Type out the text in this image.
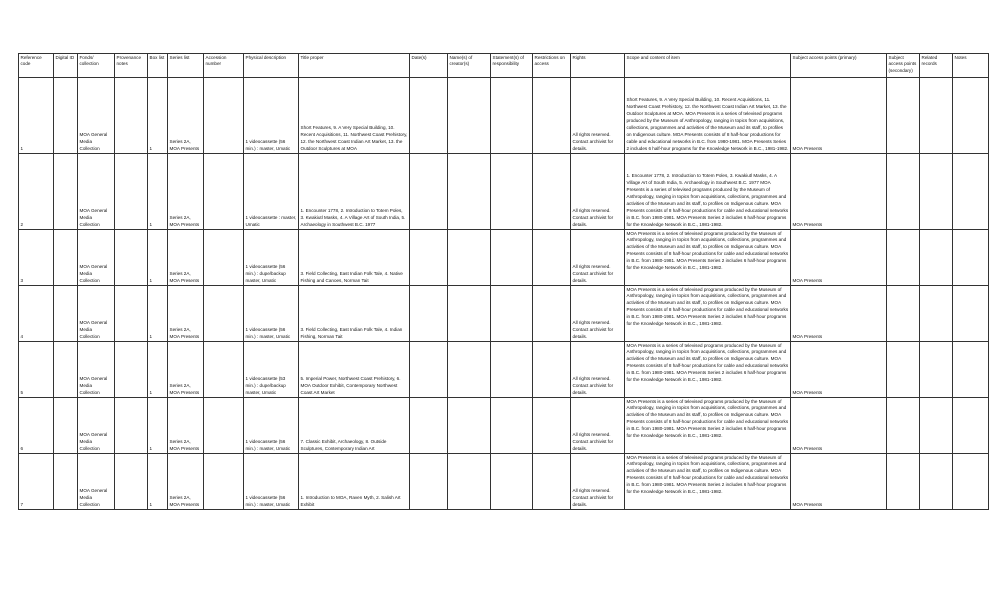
Reference code	Digital ID	Fonds/ collection	Provenance notes	Box list	Series list	Accession number	Physical description	Title proper	Date(s)	Name(s) of creator(s)	Statement(s) of responsibility	Restrictions on access	Rights	Scope and content of item	Subject access points (primary)	Subject access points (secondary)	Related records	Notes
1		MOA General Media Collection		1	Series 2A, MOA Presents		1 videocassette (56 min.) : master, Umatic	Short Features, 9. A Very Special Building, 10. Recent Acquisitions, 11. Northwest Coast Prehistory, 12. the Northwest Coast Indian Art Market, 13. the Outdoor Sculptures at MOA					All rights reserved. Contact archivist for details.	Short Features, 9. A Very Special Building, 10. Recent Acquisitions, 11. Northwest Coast Prehistory, 12. the Northwest Coast Indian Art Market, 13. the Outdoor Sculptures at MOA. MOA Presents is a series of televised programs produced by the Museum of Anthropology, ranging in topics from acquisitions, collections, programmes and activities of the Museum and its staff, to profiles on Indigenous culture. MOA Presents consists of 8 half-hour productions for cable and educational networks in B.C. from 1980-1981. MOA Presents Series 2 includes 6 half-hour programs for the Knowledge Network in B.C., 1981-1982.	MOA Presents			
2		MOA General Media Collection		1	Series 2A, MOA Presents		1 videocassette : master, Umatic	1. Encounter 1778, 2. Introduction to Totem Poles, 3. Kwakiutl Masks, 4. A Village Art of South India, 5. Archaeology in Southwest B.C. 1977					All rights reserved. Contact archivist for details.	1. Encounter 1778, 2. Introduction to Totem Poles, 3. Kwakiutl Masks, 4. A Village Art of South India, 5. Archaeology in Southwest B.C. 1977 MOA Presents is a series of televised programs produced by the Museum of Anthropology, ranging in topics from acquisitions, collections, programmes and activities of the Museum and its staff, to profiles on Indigenous culture. MOA Presents consists of 8 half-hour productions for cable and educational networks in B.C. from 1980-1981. MOA Presents Series 2 includes 6 half-hour programs for the Knowledge Network in B.C., 1981-1982.	MOA Presents			
3		MOA General Media Collection		1	Series 2A, MOA Presents		1 videocassette (56 min.) : dupe/backup master, Umatic	3. Field Collecting, East Indian Folk Tale, 4. Native Fishing and Canoes, Norman Tait					All rights reserved. Contact archivist for details.	MOA Presents is a series of televised programs produced by the Museum of Anthropology, ranging in topics from acquisitions, collections, programmes and activities of the Museum and its staff, to profiles on Indigenous culture. MOA Presents consists of 8 half-hour productions for cable and educational networks in B.C. from 1980-1981. MOA Presents Series 2 includes 6 half-hour programs for the Knowledge Network in B.C., 1981-1982.	MOA Presents			
4		MOA General Media Collection		1	Series 2A, MOA Presents		1 videocassette (56 min.) : master, Umatic	3. Field Collecting, East Indian Folk Tale, 4. Indian Fishing, Norman Tait					All rights reserved. Contact archivist for details.	MOA Presents is a series of televised programs produced by the Museum of Anthropology, ranging in topics from acquisitions, collections, programmes and activities of the Museum and its staff, to profiles on Indigenous culture. MOA Presents consists of 8 half-hour productions for cable and educational networks in B.C. from 1980-1981. MOA Presents Series 2 includes 6 half-hour programs for the Knowledge Network in B.C., 1981-1982.	MOA Presents			
5		MOA General Media Collection		1	Series 2A, MOA Presents		1 videocassette (53 min.) : dupe/backup master, Umatic	5. Imperial Power, Northwest Coast Prehistory, 6. MOA Outdoor Exhibit, Contemporary Northwest Coast Art Market					All rights reserved. Contact archivist for details.	MOA Presents is a series of televised programs produced by the Museum of Anthropology, ranging in topics from acquisitions, collections, programmes and activities of the Museum and its staff, to profiles on Indigenous culture. MOA Presents consists of 8 half-hour productions for cable and educational networks in B.C. from 1980-1981. MOA Presents Series 2 includes 6 half-hour programs for the Knowledge Network in B.C., 1981-1982.	MOA Presents			
6		MOA General Media Collection		1	Series 2A, MOA Presents		1 videocassette (56 min.) : master, Umatic	7. Classic Exhibit, Archaeology, 8. Outside Sculptures, Contemporary Indian Art					All rights reserved. Contact archivist for details.	MOA Presents is a series of televised programs produced by the Museum of Anthropology, ranging in topics from acquisitions, collections, programmes and activities of the Museum and its staff, to profiles on Indigenous culture. MOA Presents consists of 8 half-hour productions for cable and educational networks in B.C. from 1980-1981. MOA Presents Series 2 includes 6 half-hour programs for the Knowledge Network in B.C., 1981-1982.	MOA Presents			
7		MOA General Media Collection		1	Series 2A, MOA Presents		1 videocassette (56 min.) : master, Umatic	1. Introduction to MOA, Raven Myth, 2. Salish Art Exhibit					All rights reserved. Contact archivist for details.	MOA Presents is a series of televised programs produced by the Museum of Anthropology, ranging in topics from acquisitions, collections, programmes and activities of the Museum and its staff, to profiles on Indigenous culture. MOA Presents consists of 8 half-hour productions for cable and educational networks in B.C. from 1980-1981. MOA Presents Series 2 includes 6 half-hour programs for the Knowledge Network in B.C., 1981-1982.	MOA Presents			
